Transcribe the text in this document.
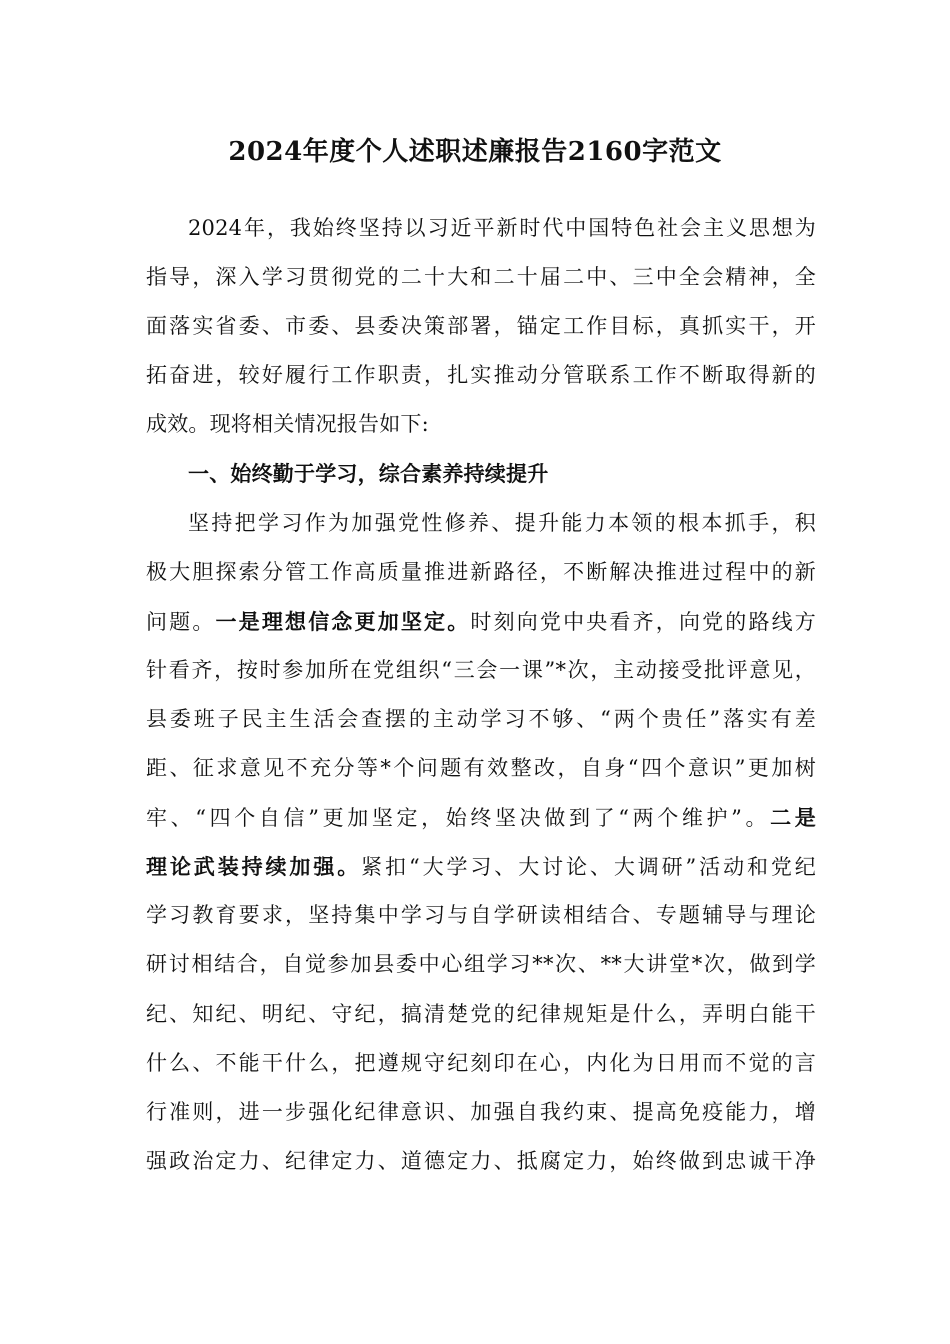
2024年度个人述职述廉报告2160字范文
2024年，我始终坚持以习近平新时代中国特色社会主义思想为
指导，深入学习贯彻党的二十大和二十届二中、三中全会精神，全
面落实省委、市委、县委决策部署，锚定工作目标，真抓实干，开
拓奋进，较好履行工作职责，扎实推动分管联系工作不断取得新的
成效。现将相关情况报告如下:
一、始终勤于学习，综合素养持续提升
坚持把学习作为加强党性修养、提升能力本领的根本抓手，积
极大胆探索分管工作高质量推进新路径，不断解决推进过程中的新
问题。一是理想信念更加坚定。时刻向党中央看齐，向党的路线方
针看齐，按时参加所在党组织“三会一课”*次，主动接受批评意见，
县委班子民主生活会查摆的主动学习不够、“两个贵任”落实有差
距、征求意见不充分等*个问题有效整改，自身“四个意识”更加树
牢、“四个自信”更加坚定，始终坚决做到了“两个维护”。二是
理论武装持续加强。紧扣“大学习、大讨论、大调研”活动和党纪
学习教育要求，坚持集中学习与自学研读相结合、专题辅导与理论
研讨相结合，自觉参加县委中心组学习**次、**大讲堂*次，做到学
纪、知纪、明纪、守纪，搞清楚党的纪律规矩是什么，弄明白能干
什么、不能干什么，把遵规守纪刻印在心，内化为日用而不觉的言
行准则，进一步强化纪律意识、加强自我约束、提高免疫能力，增
强政治定力、纪律定力、道德定力、抵腐定力，始终做到忠诚干净
